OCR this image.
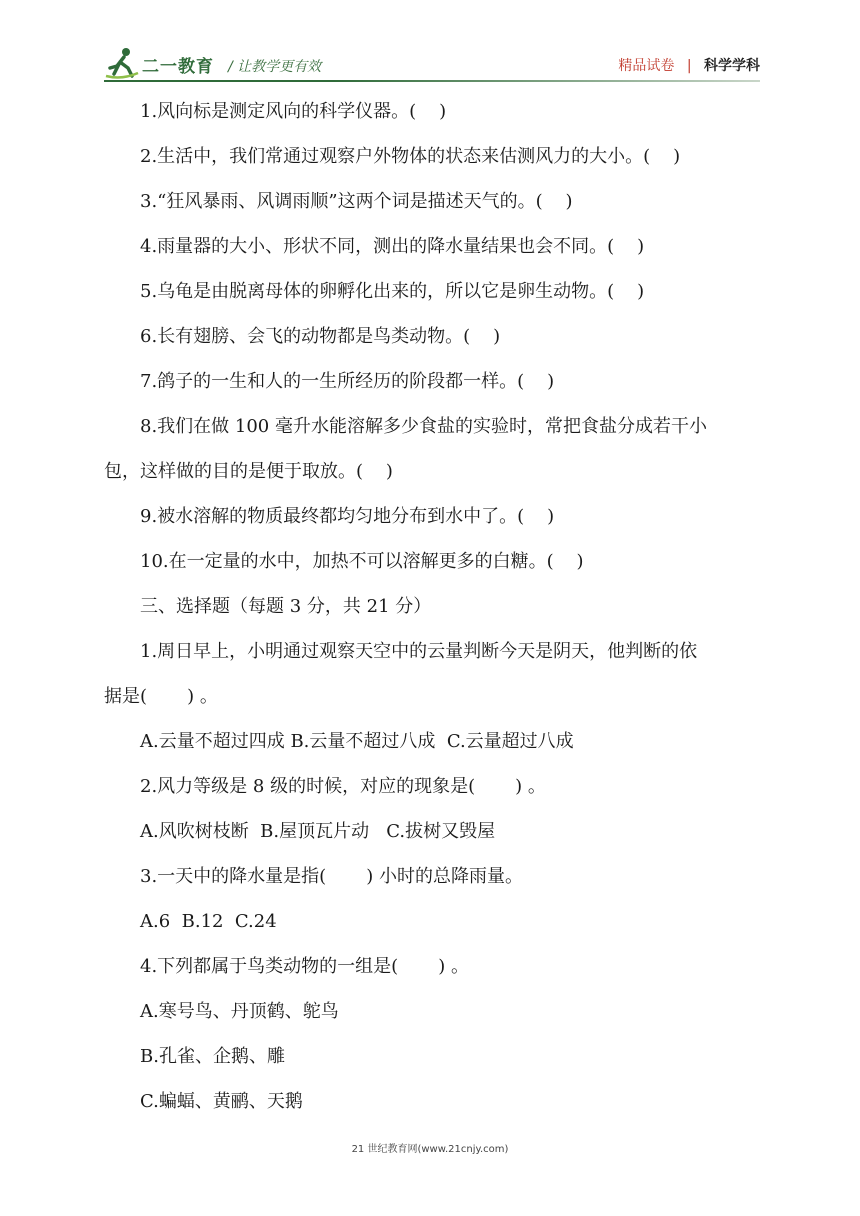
二一教育 / 让教学更有效	精品试卷 | 科学学科
1.风向标是测定风向的科学仪器。(    )
2.生活中，我们常通过观察户外物体的状态来估测风力的大小。(    )
3.“狂风暴雨、风调雨顺”这两个词是描述天气的。(    )
4.雨量器的大小、形状不同，测出的降水量结果也会不同。(    )
5.乌龟是由脱离母体的卵孵化出来的，所以它是卵生动物。(    )
6.长有翅膀、会飞的动物都是鸟类动物。(    )
7.鸽子的一生和人的一生所经历的阶段都一样。(    )
8.我们在做 100 毫升水能溶解多少食盐的实验时，常把食盐分成若干小
包，这样做的目的是便于取放。(    )
9.被水溶解的物质最终都均匀地分布到水中了。(    )
10.在一定量的水中，加热不可以溶解更多的白糖。(    )
三、选择题（每题 3 分，共 21 分）
1.周日早上，小明通过观察天空中的云量判断今天是阴天，他判断的依
据是(       ) 。
A.云量不超过四成 B.云量不超过八成  C.云量超过八成
2.风力等级是 8 级的时候，对应的现象是(       ) 。
A.风吹树枝断  B.屋顶瓦片动   C.拔树又毁屋
3.一天中的降水量是指(       ) 小时的总降雨量。
A.6  B.12  C.24
4.下列都属于鸟类动物的一组是(       ) 。
A.寒号鸟、丹顶鹤、鸵鸟
B.孔雀、企鹅、雕
C.蝙蝠、黄鹂、天鹅
21 世纪教育网(www.21cnjy.com)
